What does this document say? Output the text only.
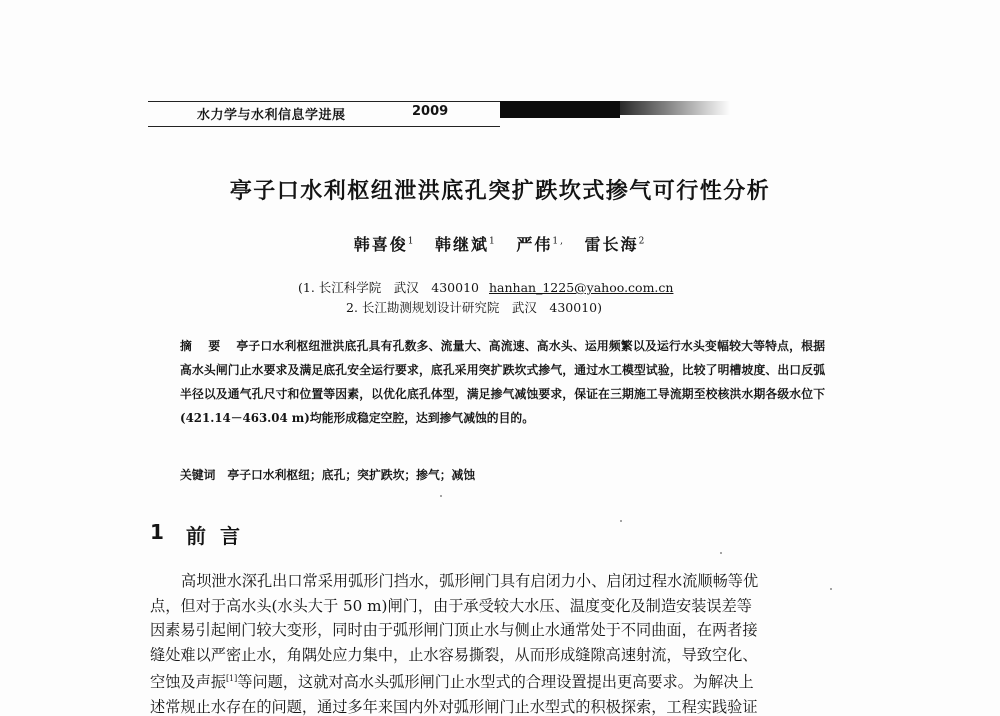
水力学与水利信息学进展	2009
亭子口水利枢纽泄洪底孔突扩跌坎式掺气可行性分析
韩喜俊$^1$ 韩继斌$^1$ 严伟$^{1,}$ 雷长海$^2$
(1. 长江科学院　武汉　430010 hanhan_1225@yahoo.com.cn
2. 长江勘测规划设计研究院　武汉　430010)
摘 要 亭子口水利枢纽泄洪底孔具有孔数多、流量大、高流速、高水头、运用频繁以及运行水头变幅较大等特点，根据高水头闸门止水要求及满足底孔安全运行要求，底孔采用突扩跌坎式掺气，通过水工模型试验，比较了明槽坡度、出口反弧半径以及通气孔尺寸和位置等因素，以优化底孔体型，满足掺气减蚀要求，保证在三期施工导流期至校核洪水期各级水位下(421.14－463.04 m)均能形成稳定空腔，达到掺气减蚀的目的。
关键词 亭子口水利枢纽；底孔；突扩跌坎；掺气；减蚀
1 前言
高坝泄水深孔出口常采用弧形门挡水，弧形闸门具有启闭力小、启闭过程水流顺畅等优
点，但对于高水头(水头大于 50 m)闸门，由于承受较大水压、温度变化及制造安装误差等
因素易引起闸门较大变形，同时由于弧形闸门顶止水与侧止水通常处于不同曲面，在两者接
缝处难以严密止水，角隅处应力集中，止水容易撕裂，从而形成缝隙高速射流，导致空化、
空蚀及声振[1]等问题，这就对高水头弧形闸门止水型式的合理设置提出更高要求。为解决上
述常规止水存在的问题，通过多年来国内外对弧形闸门止水型式的积极探索，工程实践验证
